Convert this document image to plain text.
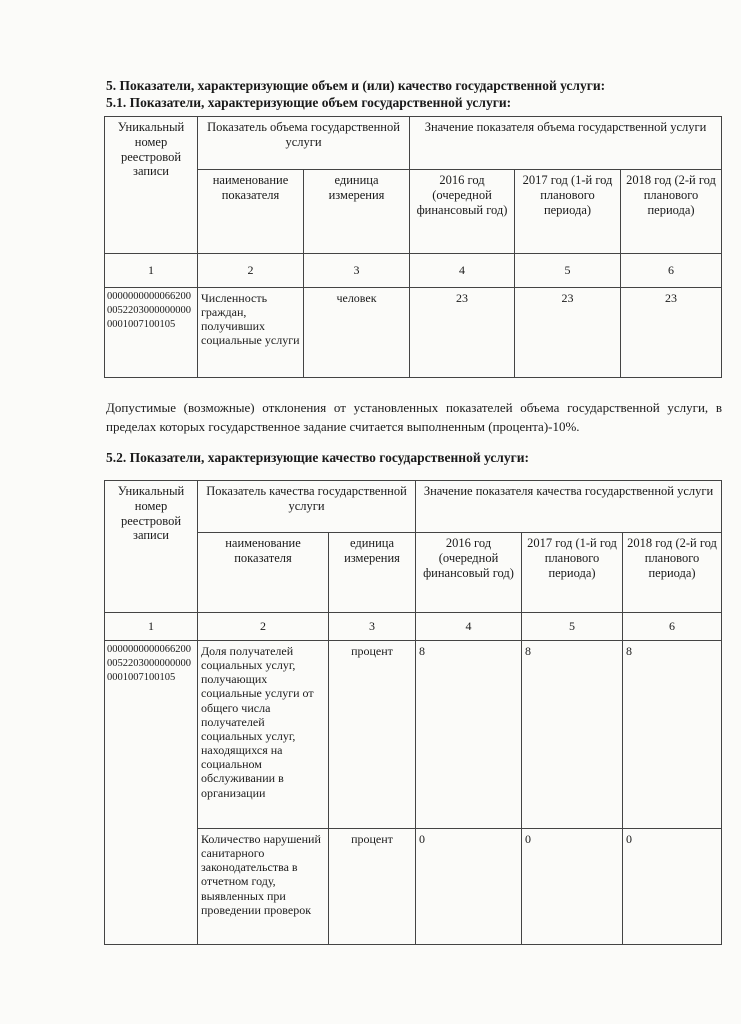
5. Показатели, характеризующие объем и (или) качество государственной услуги:
5.1. Показатели, характеризующие объем государственной услуги:
Уникальный номер реестровой записи	Показатель объема государственной услуги		Значение показателя объема государственной услуги		
	наименование показателя	единица измерения	2016 год (очередной финансовый год)	2017 год (1-й год планового периода)	2018 год (2-й год планового периода)
1	2	3	4	5	6
000000000006620000522030000000000001007100105	Численность граждан, получивших социальные услуги	человек	23	23	23
Допустимые (возможные) отклонения от установленных показателей объема государственной услуги, в пределах которых государственное задание считается выполненным (процента)-10%.
5.2. Показатели, характеризующие качество государственной услуги:
Уникальный номер реестровой записи	Показатель качества государственной услуги		Значение показателя качества государственной услуги		
	наименование показателя	единица измерения	2016 год (очередной финансовый год)	2017 год (1-й год планового периода)	2018 год (2-й год планового периода)
1	2	3	4	5	6
000000000006620000522030000000000001007100105	Доля получателей социальных услуг, получающих социальные услуги от общего числа получателей социальных услуг, находящихся на социальном обслуживании в организации	процент	8	8	8
	Количество нарушений санитарного законодательства в отчетном году, выявленных при проведении проверок	процент	0	0	0
